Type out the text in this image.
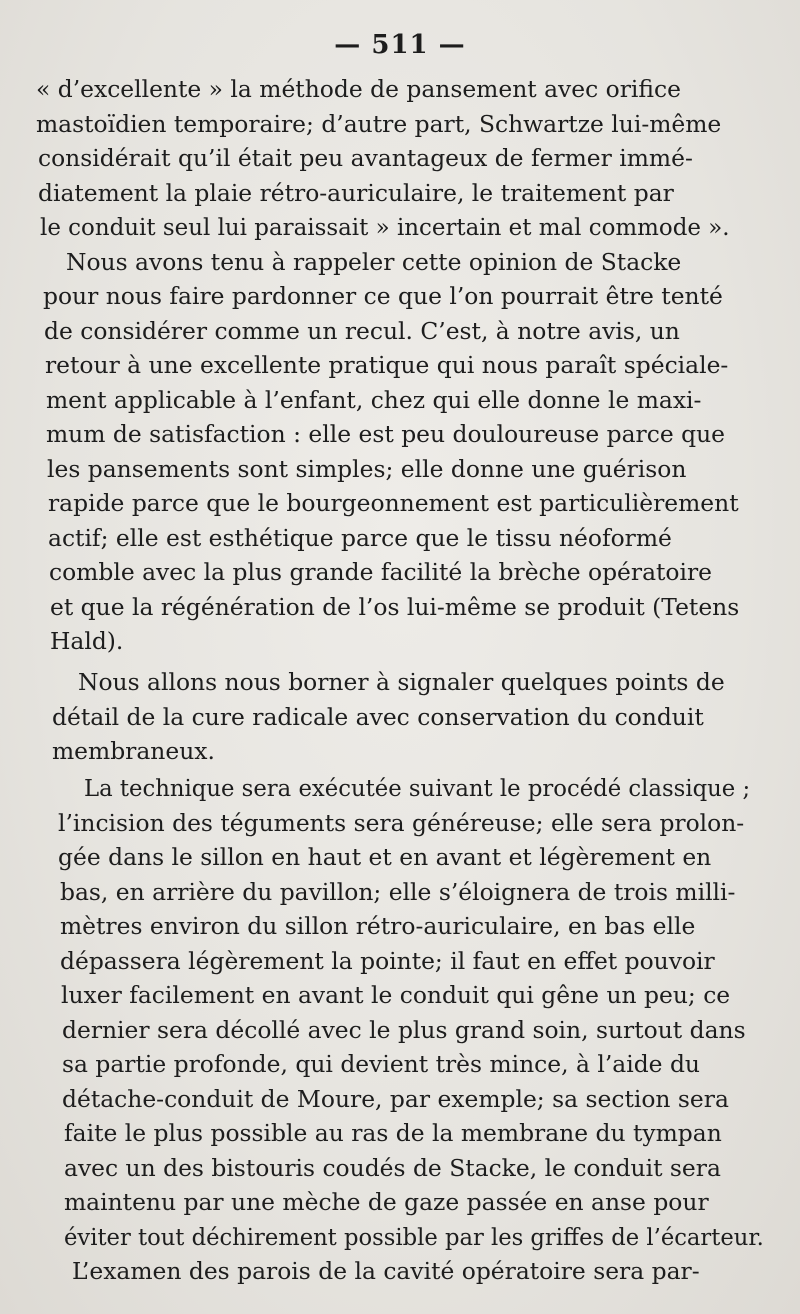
— 511 —
« d’excellente » la méthode de pansement avec orifice
mastoïdien temporaire; d’autre part, Schwartze lui-même
considérait qu’il était peu avantageux de fermer immé-
diatement la plaie rétro-auriculaire, le traitement par
le conduit seul lui paraissait » incertain et mal commode ».
Nous avons tenu à rappeler cette opinion de Stacke
pour nous faire pardonner ce que l’on pourrait être tenté
de considérer comme un recul. C’est, à notre avis, un
retour à une excellente pratique qui nous paraît spéciale-
ment applicable à l’enfant, chez qui elle donne le maxi-
mum de satisfaction : elle est peu douloureuse parce que
les pansements sont simples; elle donne une guérison
rapide parce que le bourgeonnement est particulièrement
actif; elle est esthétique parce que le tissu néoformé
comble avec la plus grande facilité la brèche opératoire
et que la régénération de l’os lui-même se produit (Tetens
Hald).
Nous allons nous borner à signaler quelques points de
détail de la cure radicale avec conservation du conduit
membraneux.
La technique sera exécutée suivant le procédé classique ;
l’incision des téguments sera généreuse; elle sera prolon-
gée dans le sillon en haut et en avant et légèrement en
bas, en arrière du pavillon; elle s’éloignera de trois milli-
mètres environ du sillon rétro-auriculaire, en bas elle
dépassera légèrement la pointe; il faut en effet pouvoir
luxer facilement en avant le conduit qui gêne un peu; ce
dernier sera décollé avec le plus grand soin, surtout dans
sa partie profonde, qui devient très mince, à l’aide du
détache-conduit de Moure, par exemple; sa section sera
faite le plus possible au ras de la membrane du tympan
avec un des bistouris coudés de Stacke, le conduit sera
maintenu par une mèche de gaze passée en anse pour
éviter tout déchirement possible par les griffes de l’écarteur.
L’examen des parois de la cavité opératoire sera par-
